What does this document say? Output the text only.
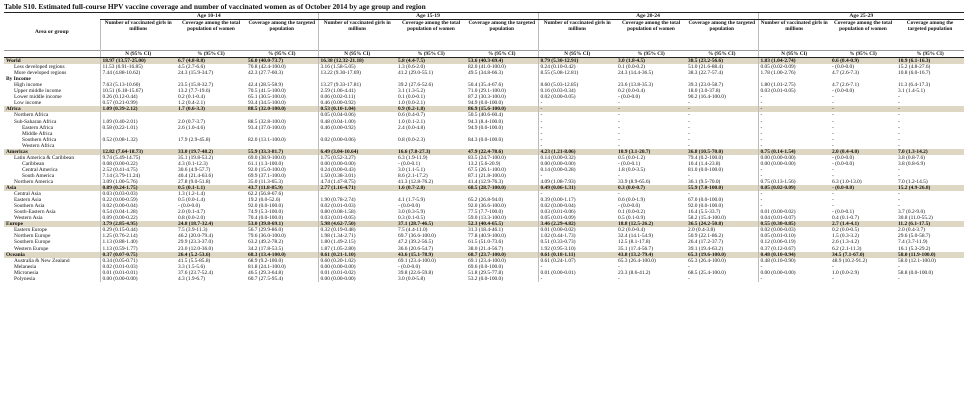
Table S10. Estimated full-course HPV vaccine coverage and number of vaccinated women as of October 2014 by age group and region
Area or group	Age 10-14			Age 15-19			Age 20-24			Age 25-29		
	Number of vaccinated girls in millions	Coverage among the total population of women	Coverage among the targeted population	Number of vaccinated girls in millions	Coverage among the total population of women	Coverage among the targeted population	Number of vaccinated girls in millions	Coverage among the total population of women	Coverage among the targeted population	Number of vaccinated girls in millions	Coverage among the total population of women	Coverage among the targeted population
	N (95% CI)	% (95% CI)	% (95% CI)	N (95% CI)	% (95% CI)	% (95% CI)	N (95% CI)	% (95% CI)	% (95% CI)	N (95% CI)	% (95% CI)	% (95% CI)
World	18.97 (13.57-25.00)	6.7 (4.8-8.8)	56.0 (40.0-73.7)	16.38 (12.32-21.18)	5.8 (4.4-7.5)	53.6 (40.3-69.4)	8.79 (5.30-12.91)	3.0 (1.8-4.5)	38.5 (23.2-56.6)	1.83 (1.04-2.74)	0.6 (0.4-0.9)	10.9 (6.1-16.3)
Less developed regions	11.53 (6.91-16.85)	4.5 (2.7-6.6)	70.8 (42.4-100.0)	3.16 (1.58-5.05)	1.3 (0.6-2.0)	82.0 (41.0-100.0)	0.24 (0.10-0.42)	0.1 (0.0-0.2)	51.0 (21.6-88.4)	0.05 (0.02-0.09)	- (0.0-0.0)	15.2 (4.8-27.6)
More developed regions	7.44 (4.88-10.62)	24.3 (15.9-34.7)	42.3 (27.7-60.3)	13.22 (9.30-17.69)	41.2 (29.0-55.1)	49.5 (34.8-66.3)	8.55 (5.08-12.81)	24.3 (14.4-36.5)	38.3 (22.7-57.4)	1.78 (1.00-2.76)	4.7 (2.6-7.3)	10.8 (6.0-16.7)
By Income												
High income	7.63 (5.13-10.60)	23.5 (15.8-32.7)	42.4 (28.5-58.9)	13.27 (9.33-17.81)	39.2 (27.6-52.6)	50.4 (35.4-67.6)	8.60 (5.03-12.85)	23.6 (13.8-35.3)	39.3 (23.0-58.7)	1.80 (1.01-2.75)	4.7 (2.6-7.1)	11.3 (6.4-17.3)
Upper middle income	10.51 (6.18-15.67)	13.2 (7.7-19.6)	70.5 (41.5-100.0)	2.59 (1.06-4.41)	3.1 (1.3-5.2)	71.0 (29.1-100.0)	0.16 (0.03-0.34)	0.2 (0.0-0.4)	18.0 (3.0-37.8)	0.03 (0.01-0.05)	- (0.0-0.0)	3.1 (1.4-5.1)
Lower middle income	0.26 (0.12-0.44)	0.2 (0.1-0.4)	65.1 (30.5-100.0)	0.06 (0.02-0.11)	0.1 (0.0-0.1)	87.2 (30.3-100.0)	0.02 (0.00-0.05)	- (0.0-0.0)	90.2 (16.4-100.0)	-	-	-
Low income	0.57 (0.21-0.99)	1.2 (0.4-2.1)	93.4 (34.5-100.0)	0.46 (0.00-0.92)	1.0 (0.0-2.1)	94.9 (0.0-100.0)	-	-	-	-	-	-
Africa	1.09 (0.39-2.12)	1.7 (0.6-3.3)	88.5 (32.0-100.0)	0.53 (0.10-1.04)	0.9 (0.2-1.8)	86.9 (15.6-100.0)	-	-	-	-	-	-
Northern Africa				0.05 (0.04-0.06)	0.6 (0.4-0.7)	50.5 (40.6-60.4)	-	-	-	-	-	-
Sub-Saharan Africa	1.09 (0.40-2.01)	2.0 (0.7-3.7)	88.5 (32.8-100.0)	0.48 (0.04-1.00)	1.0 (0.1-2.1)	94.3 (8.4-100.0)	-	-	-	-	-	-
Eastern Africa	0.58 (0.22-1.01)	2.6 (1.0-4.6)	93.4 (37.0-100.0)	0.46 (0.00-0.92)	2.4 (0.0-4.8)	94.9 (0.0-100.0)	-	-	-	-	-	-
Middle Africa							-	-	-	-	-	-
Southern Africa	0.52 (0.08-1.32)	17.9 (2.9-45.8)	82.0 (13.1-100.0)	0.02 (0.00-0.06)	0.8 (0.0-2.3)	84.3 (0.0-100.0)	-	-	-	-	-	-
Western Africa							-	-	-	-	-	-
Americas	12.82 (7.64-18.73)	33.0 (19.7-48.2)	55.9 (33.3-81.7)	6.49 (3.04-10.64)	16.6 (7.8-27.3)	47.9 (22.4-78.6)	4.23 (1.21-8.06)	10.9 (3.1-20.7)	36.8 (10.5-70.0)	0.75 (0.14-1.54)	2.0 (0.4-4.0)	7.0 (1.3-14.2)
Latin America & Caribbean	9.74 (5.49-14.75)	35.1 (19.8-53.2)	69.0 (38.9-100.0)	1.75 (0.52-3.27)	6.3 (1.9-11.9)	83.5 (24.7-100.0)	0.14 (0.00-0.32)	0.5 (0.0-1.2)	79.4 (0.2-100.0)	0.00 (0.00-0.00)	- (0.0-0.0)	3.8 (0.8-7.6)
Caribbean	0.08 (0.00-0.22)	4.3 (0.1-12.3)	61.1 (1.3-100.0)	0.00 (0.00-0.00)	- (0.0-0.1)	13.2 (5.6-20.9)	0.00 (0.00-0.00)	- (0.0-0.1)	10.4 (1.4-23.8)	0.00 (0.00-0.00)	- (0.0-0.0)	3.8 (0.8-6.9)
Central America	2.52 (0.41-4.75)	30.6 (4.9-57.7)	92.0 (15.0-100.0)	0.24 (0.00-0.43)	3.0 (1.1-5.1)	67.5 (26.1-100.0)	0.14 (0.00-0.28)	1.8 (0.0-3.5)	81.0 (0.0-100.0)	-	-	-
South America	7.14 (3.79-11.24)	40.4 (21.4-63.6)	69.9 (37.1-100.0)	1.50 (0.38-3.01)	8.6 (2.1-17.2)	87.1 (21.8-100.0)	-	-	-	-	-	-
Northern America	3.09 (1.00-5.76)	27.8 (9.0-51.8)	35.0 (11.3-65.3)	4.74 (1.47-8.75)	41.3 (12.8-76.2)	41.4 (12.9-76.3)	4.09 (1.08-7.93)	33.9 (8.9-65.6)	36.1 (9.5-70.0)	0.75 (0.13-1.56)	6.3 (1.0-13.0)	7.0 (1.2-14.5)
Asia	0.89 (0.24-1.75)	0.5 (0.1-1.1)	43.7 (11.8-85.9)	2.77 (1.16-4.71)	1.6 (0.7-2.8)	68.5 (28.7-100.0)	0.49 (0.06-1.31)	0.3 (0.0-0.7)	55.9 (7.0-100.0)	0.05 (0.02-0.09)	- (0.0-0.0)	15.2 (4.9-26.8)
Central Asia	0.03 (0.03-0.03)	1.3 (1.2-1.4)	62.2 (56.8-67.6)				-	-	-	-	-	-
Eastern Asia	0.22 (0.00-0.59)	0.5 (0.0-1.4)	19.2 (0.0-52.6)	1.90 (0.78-2.74)	4.1 (1.7-5.9)	65.2 (26.8-94.0)	0.39 (0.00-1.17)	0.6 (0.0-1.9)	67.0 (0.0-100.0)	-	-	-
Southern Asia	0.02 (0.00-0.04)	- (0.0-0.0)	92.0 (0.0-100.0)	0.02 (0.01-0.03)	- (0.0-0.0)	92.0 (36.6-100.0)	0.02 (0.00-0.04)	- (0.0-0.0)	92.0 (0.0-100.0)	-	-	-
South-Eastern Asia	0.54 (0.04-1.28)	2.0 (0.1-4.7)	74.9 (5.3-100.0)	0.80 (0.08-1.58)	3.0 (0.3-5.9)	77.5 (7.7-100.0)	0.03 (0.01-0.06)	0.1 (0.0-0.2)	16.4 (5.5-33.7)	0.01 (0.00-0.02)	- (0.0-0.1)	3.7 (0.2-9.0)
Western Asia	0.09 (0.00-0.22)	0.8 (0.0-2.0)	70.4 (0.0-100.0)	0.03 (0.01-0.05)	0.3 (0.1-0.5)	59.0 (13.3-100.0)	0.05 (0.01-0.09)	0.5 (0.1-0.9)	58.2 (15.4-100.0)	0.04 (0.01-0.07)	0.4 (0.1-0.7)	30.8 (11.0-55.2)
Europe	3.79 (2.85-4.95)	24.8 (18.7-32.4)	53.0 (39.8-69.1)	5.98 (4.62-7.50)	37.1 (28.7-46.5)	52.3 (40.4-65.5)	3.46 (2.29-4.82)	18.8 (12.5-26.2)	36.5 (24.2-50.8)	0.55 (0.30-0.85)	2.7 (1.4-4.1)	11.2 (6.1-17.5)
Eastern Europe	0.29 (0.15-0.44)	7.5 (3.9-11.3)	56.7 (29.9-86.0)	0.32 (0.19-0.48)	7.5 (4.4-11.0)	31.3 (18.4-46.1)	0.01 (0.00-0.02)	0.2 (0.0-0.4)	2.0 (0.4-3.8)	0.02 (0.00-0.03)	0.2 (0.0-0.5)	2.0 (0.4-3.7)
Northern Europe	1.25 (0.76-2.14)	46.2 (20.0-79.4)	79.6 (36.0-100.0)	1.98 (1.34-2.71)	69.7 (36.6-100.0)	77.8 (40.9-100.0)	1.02 (0.44-1.73)	32.4 (14.1-54.9)	50.9 (22.1-86.2)	0.05 (0.01-0.10)	1.5 (0.3-3.2)	29.6 (5.0-58.7)
Southern Europe	1.13 (0.88-1.40)	29.9 (23.3-37.0)	63.2 (49.2-78.2)	1.80 (1.49-2.15)	47.2 (39.2-56.5)	61.5 (51.0-73.6)	0.51 (0.33-0.73)	12.5 (8.1-17.8)	26.4 (17.2-37.7)	0.12 (0.06-0.19)	2.6 (1.3-4.2)	7.4 (3.7-11.9)
Western Europe	1.13 (0.59-1.77)	23.0 (12.0-36.0)	34.2 (17.8-53.5)	1.87 (1.05-2.80)	36.6 (20.6-54.7)	38.0 (21.4-56.7)	1.92 (0.95-3.10)	35.1 (17.4-56.7)	39.1 (19.4-63.2)	0.37 (0.12-0.67)	6.2 (2.1-11.3)	16.1 (5.3-29.2)
Oceania	0.37 (0.07-0.75)	26.4 (5.2-53.6)	68.3 (13.4-100.0)	0.61 (0.21-1.10)	43.6 (15.1-78.9)	68.7 (23.7-100.0)	0.61 (0.18-1.11)	43.8 (13.2-79.4)	65.3 (19.6-100.0)	0.48 (0.10-0.94)	34.5 (7.1-67.0)	58.0 (11.9-100.0)
Australia & New Zealand	0.34 (0.05-0.71)	41.5 (5.5-85.8)	68.9 (9.2-100.0)	0.60 (0.20-1.02)	69.1 (23.4-100.0)	69.1 (23.4-100.0)	0.61 (0.24-1.07)	65.3 (26.4-100.0)	65.3 (26.4-100.0)	0.48 (0.10-0.90)	48.9 (10.2-91.2)	58.0 (12.1-100.0)
Melanesia	0.02 (0.01-0.03)	3.3 (1.5-5.6)	81.8 (24.1-100.0)	0.00 (0.00-0.00)	- (0.0-0.0)	69.6 (0.0-100.0)	-	-	-	-	-	-
Micronesia	0.01 (0.01-0.01)	37.6 (23.7-52.4)	46.5 (29.3-64.8)	0.01 (0.01-0.02)	39.8 (22.6-59.8)	51.8 (29.5-77.8)	0.01 (0.00-0.01)	23.3 (8.6-41.2)	68.5 (25.4-100.0)	0.00 (0.00-0.00)	1.0 (0.0-2.9)	58.8 (0.0-100.0)
Polynesia	0.00 (0.00-0.00)	4.3 (1.9-6.7)	60.7 (27.5-95.4)	0.00 (0.00-0.00)	3.0 (0.0-5.8)	53.2 (0.0-100.0)	-	-	-	-	-	-
